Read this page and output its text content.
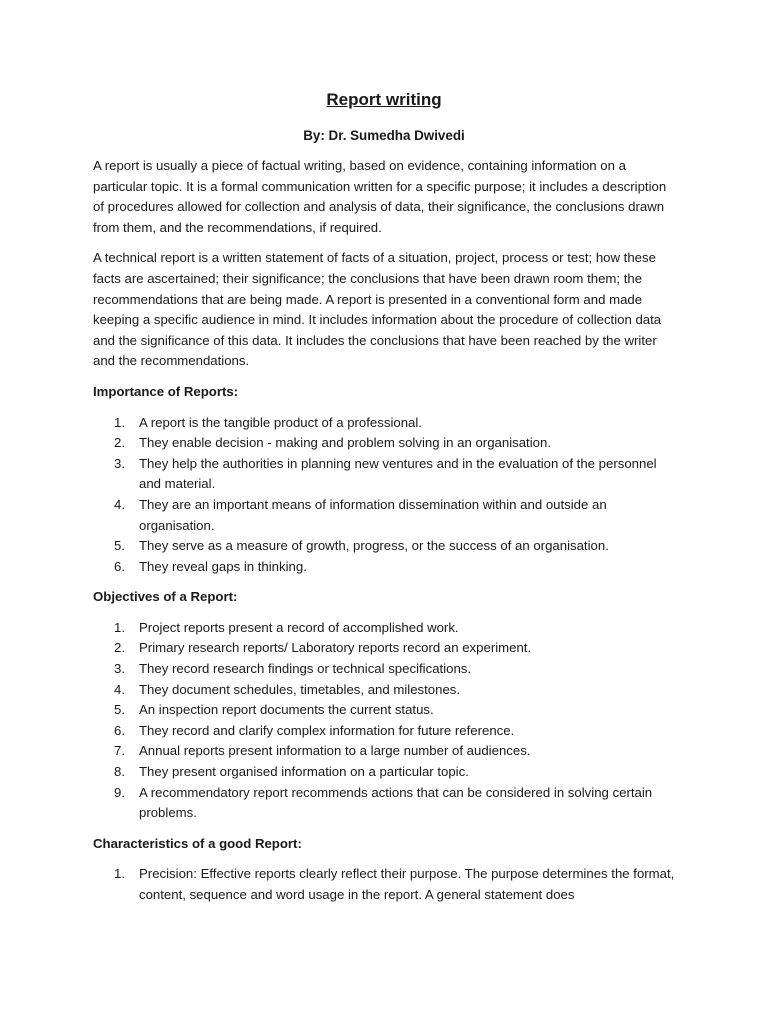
Report writing
By: Dr. Sumedha Dwivedi

A report is usually a piece of factual writing, based on evidence, containing information on a particular topic. It is a formal communication written for a specific purpose; it includes a description of procedures allowed for collection and analysis of data, their significance, the conclusions drawn from them, and the recommendations, if required.

A technical report is a written statement of facts of a situation, project, process or test; how these facts are ascertained; their significance; the conclusions that have been drawn room them; the recommendations that are being made. A report is presented in a conventional form and made keeping a specific audience in mind. It includes information about the procedure of collection data and the significance of this data. It includes the conclusions that have been reached by the writer and the recommendations.

Importance of Reports:
1. A report is the tangible product of a professional.
2. They enable decision - making and problem solving in an organisation.
3. They help the authorities in planning new ventures and in the evaluation of the personnel and material.
4. They are an important means of information dissemination within and outside an organisation.
5. They serve as a measure of growth, progress, or the success of an organisation.
6. They reveal gaps in thinking.
Objectives of a Report:
1. Project reports present a record of accomplished work.
2. Primary research reports/ Laboratory reports record an experiment.
3. They record research findings or technical specifications.
4. They document schedules, timetables, and milestones.
5. An inspection report documents the current status.
6. They record and clarify complex information for future reference.
7. Annual reports present information to a large number of audiences.
8. They present organised information on a particular topic.
9. A recommendatory report recommends actions that can be considered in solving certain problems.
Characteristics of a good Report:
1. Precision: Effective reports clearly reflect their purpose. The purpose determines the format, content, sequence and word usage in the report. A general statement does
